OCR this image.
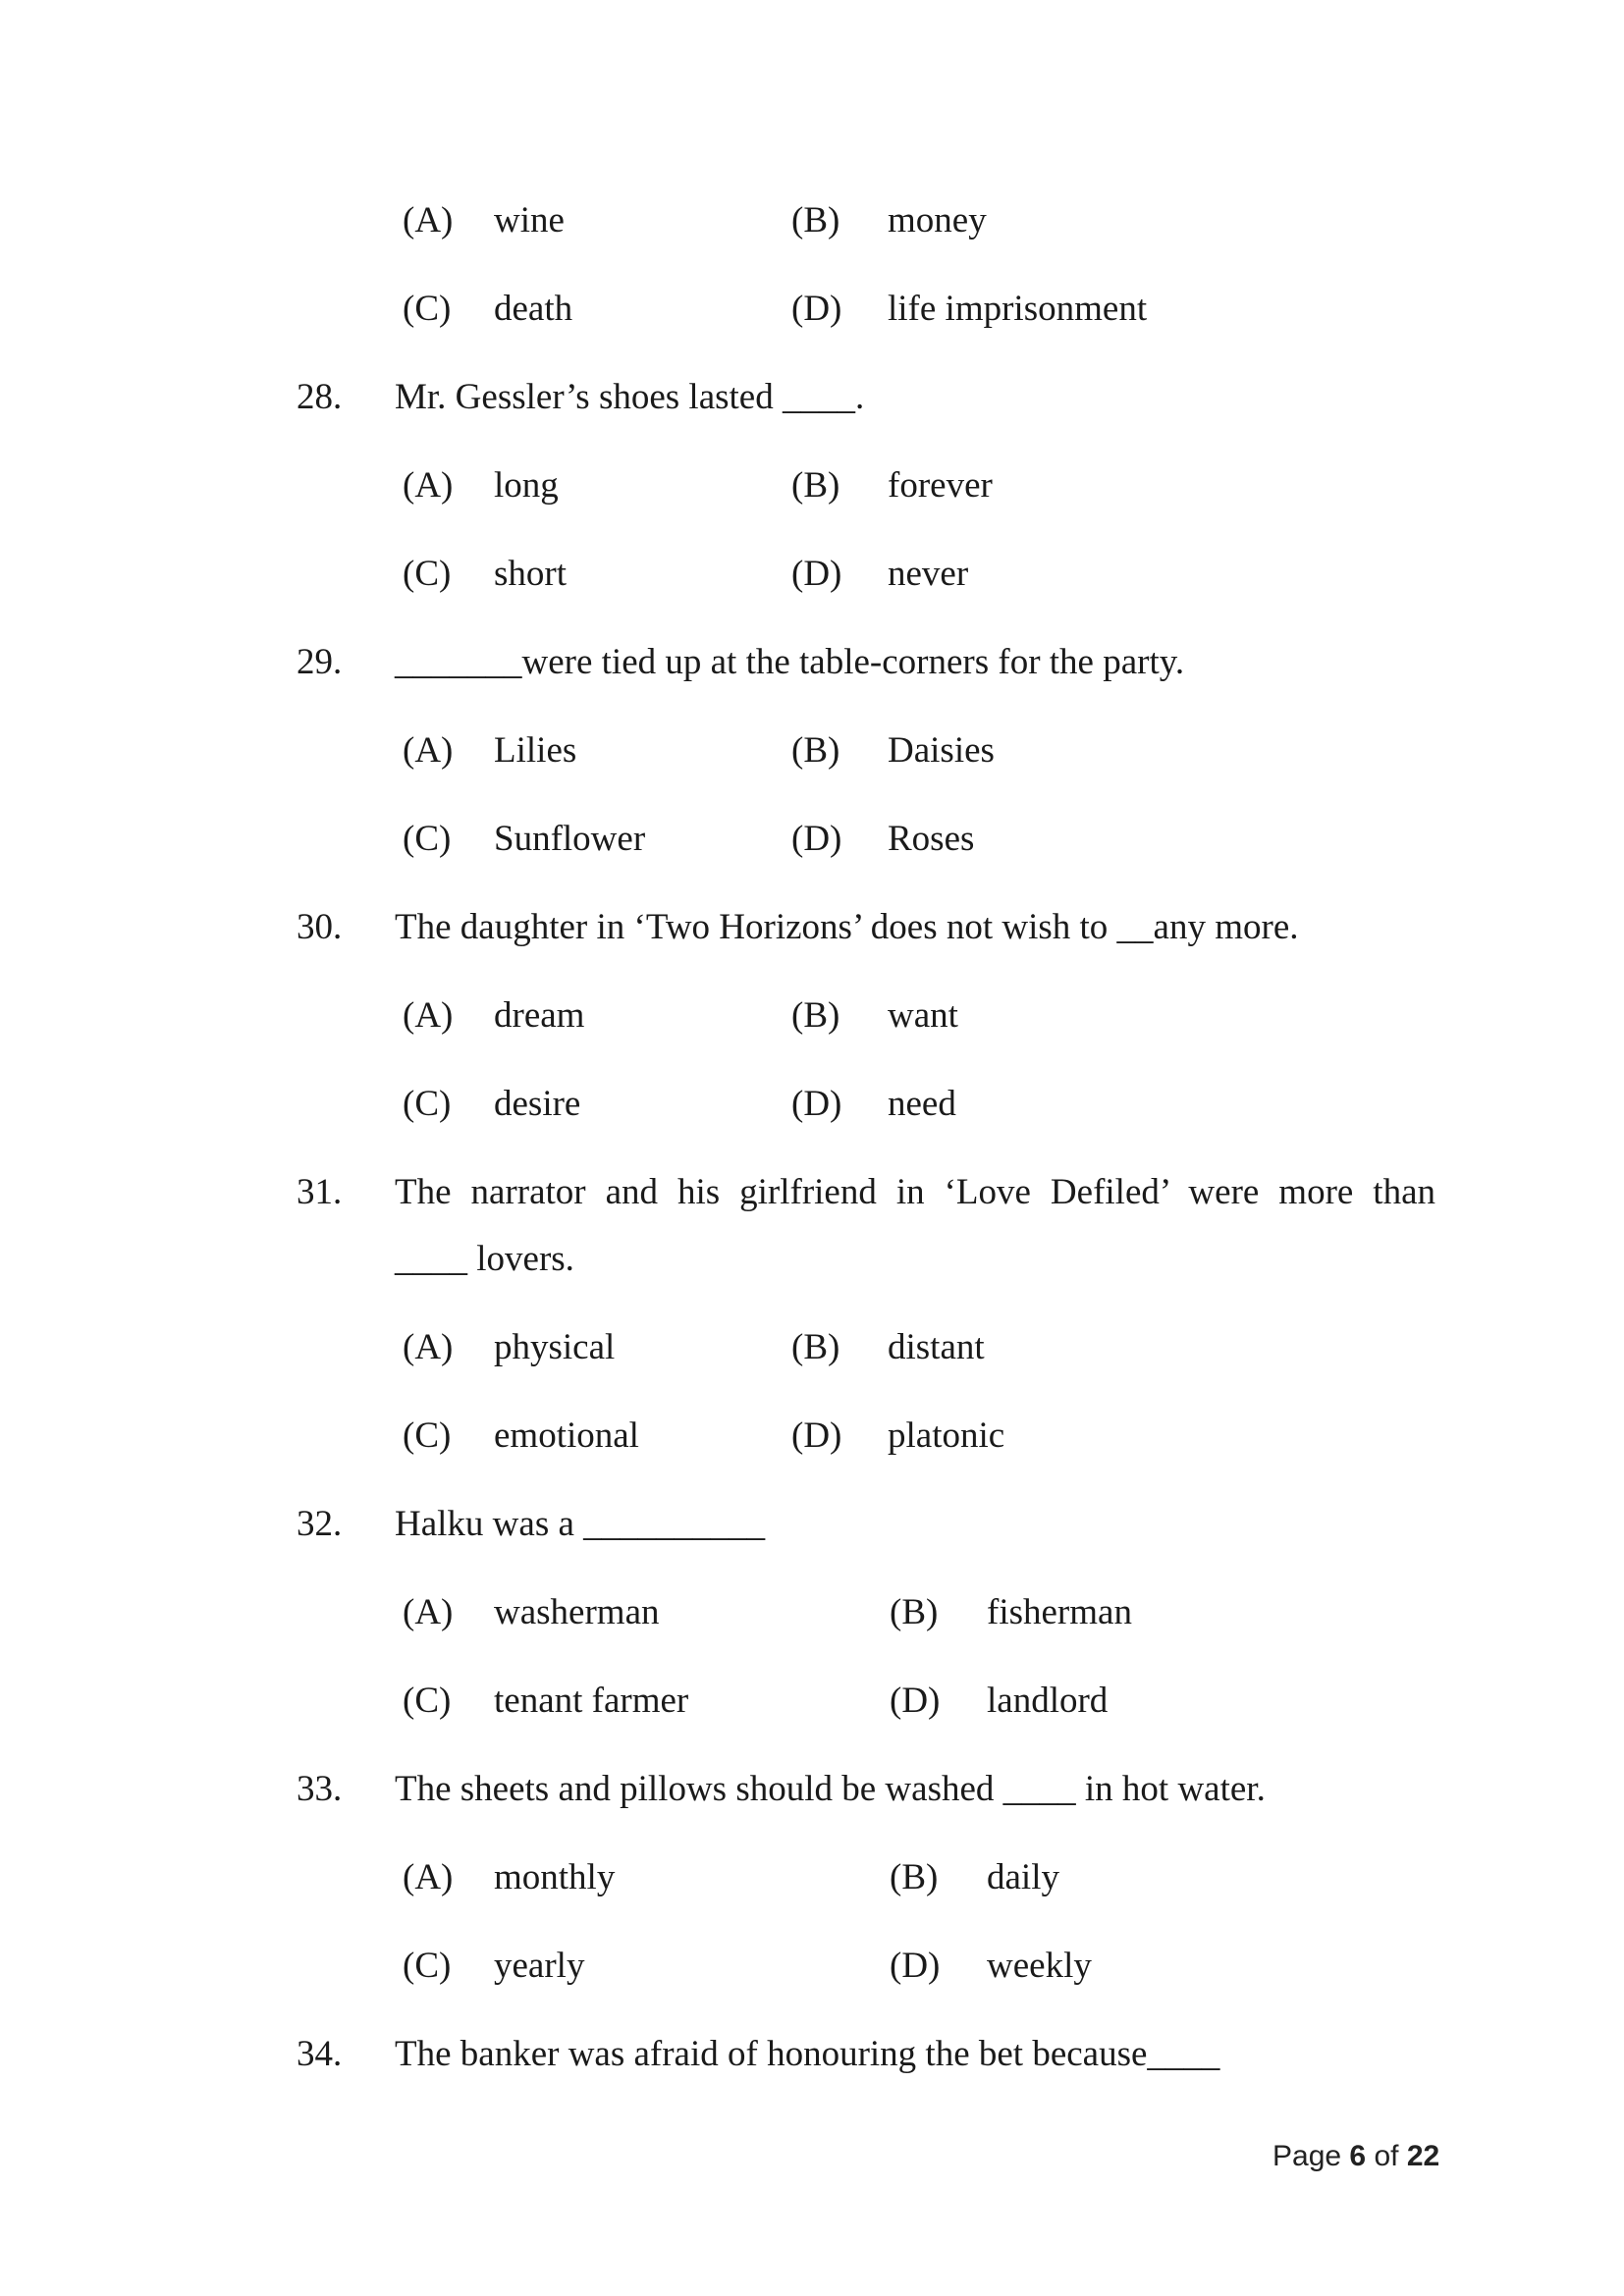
(A) wine	(B) money
(C) death	(D) life imprisonment
28. Mr. Gessler’s shoes lasted ____.
(A) long	(B) forever
(C) short	(D) never
29. _______were tied up at the table-corners for the party.
(A) Lilies	(B) Daisies
(C) Sunflower	(D) Roses
30. The daughter in ‘Two Horizons’ does not wish to __any more.
(A) dream	(B) want
(C) desire	(D) need
31. The narrator and his girlfriend in ‘Love Defiled’ were more than
____ lovers.
(A) physical	(B) distant
(C) emotional	(D) platonic
32. Halku was a __________
(A) washerman	(B) fisherman
(C) tenant farmer	(D) landlord
33. The sheets and pillows should be washed ____ in hot water.
(A) monthly	(B) daily
(C) yearly	(D) weekly
34. The banker was afraid of honouring the bet because____
Page 6 of 22
